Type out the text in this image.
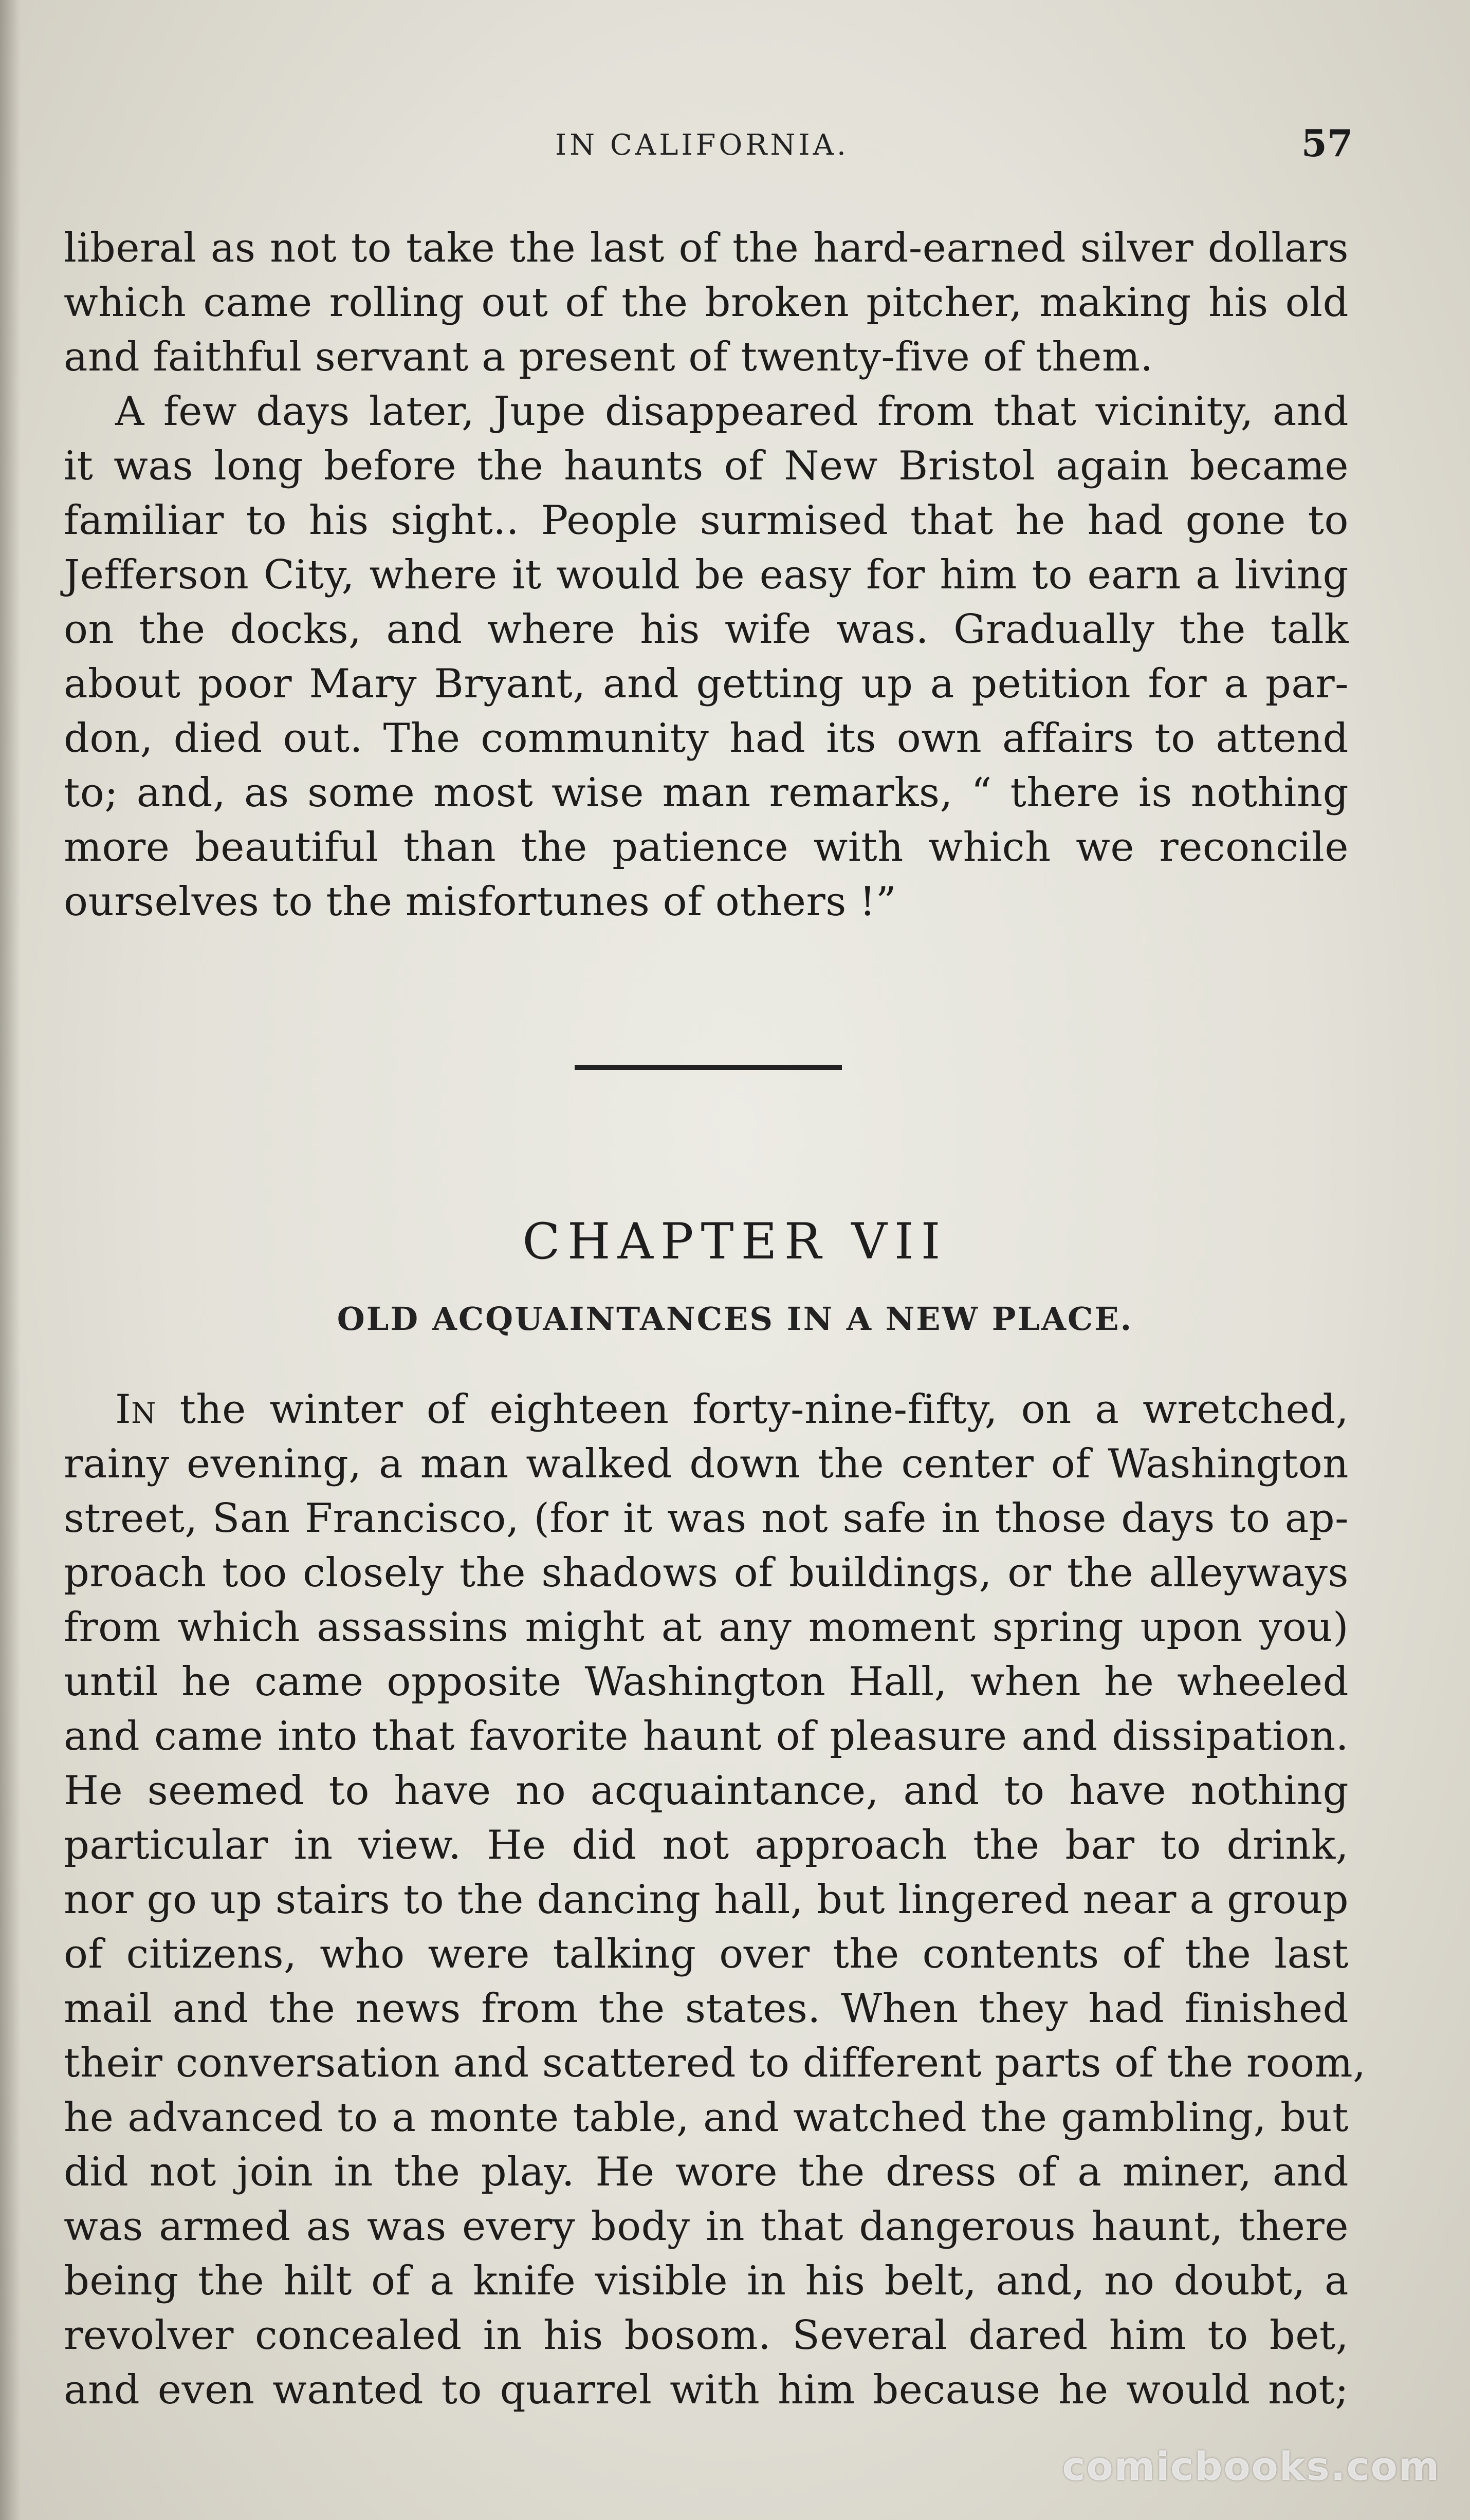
IN CALIFORNIA.	57
liberal as not to take the last of the hard-earned silver dollars
which came rolling out of the broken pitcher, making his old
and faithful servant a present of twenty-five of them.
A few days later, Jupe disappeared from that vicinity, and
it was long before the haunts of New Bristol again became
familiar to his sight.. People surmised that he had gone to
Jefferson City, where it would be easy for him to earn a living
on the docks, and where his wife was. Gradually the talk
about poor Mary Bryant, and getting up a petition for a par-
don, died out. The community had its own affairs to attend
to; and, as some most wise man remarks, “ there is nothing
more beautiful than the patience with which we reconcile
ourselves to the misfortunes of others !”
CHAPTER VII
OLD ACQUAINTANCES IN A NEW PLACE.
In the winter of eighteen forty-nine-fifty, on a wretched,
rainy evening, a man walked down the center of Washington
street, San Francisco, (for it was not safe in those days to ap-
proach too closely the shadows of buildings, or the alleyways
from which assassins might at any moment spring upon you)
until he came opposite Washington Hall, when he wheeled
and came into that favorite haunt of pleasure and dissipation.
He seemed to have no acquaintance, and to have nothing
particular in view. He did not approach the bar to drink,
nor go up stairs to the dancing hall, but lingered near a group
of citizens, who were talking over the contents of the last
mail and the news from the states. When they had finished
their conversation and scattered to different parts of the room,
he advanced to a monte table, and watched the gambling, but
did not join in the play. He wore the dress of a miner, and
was armed as was every body in that dangerous haunt, there
being the hilt of a knife visible in his belt, and, no doubt, a
revolver concealed in his bosom. Several dared him to bet,
and even wanted to quarrel with him because he would not;
comicbooks.com
